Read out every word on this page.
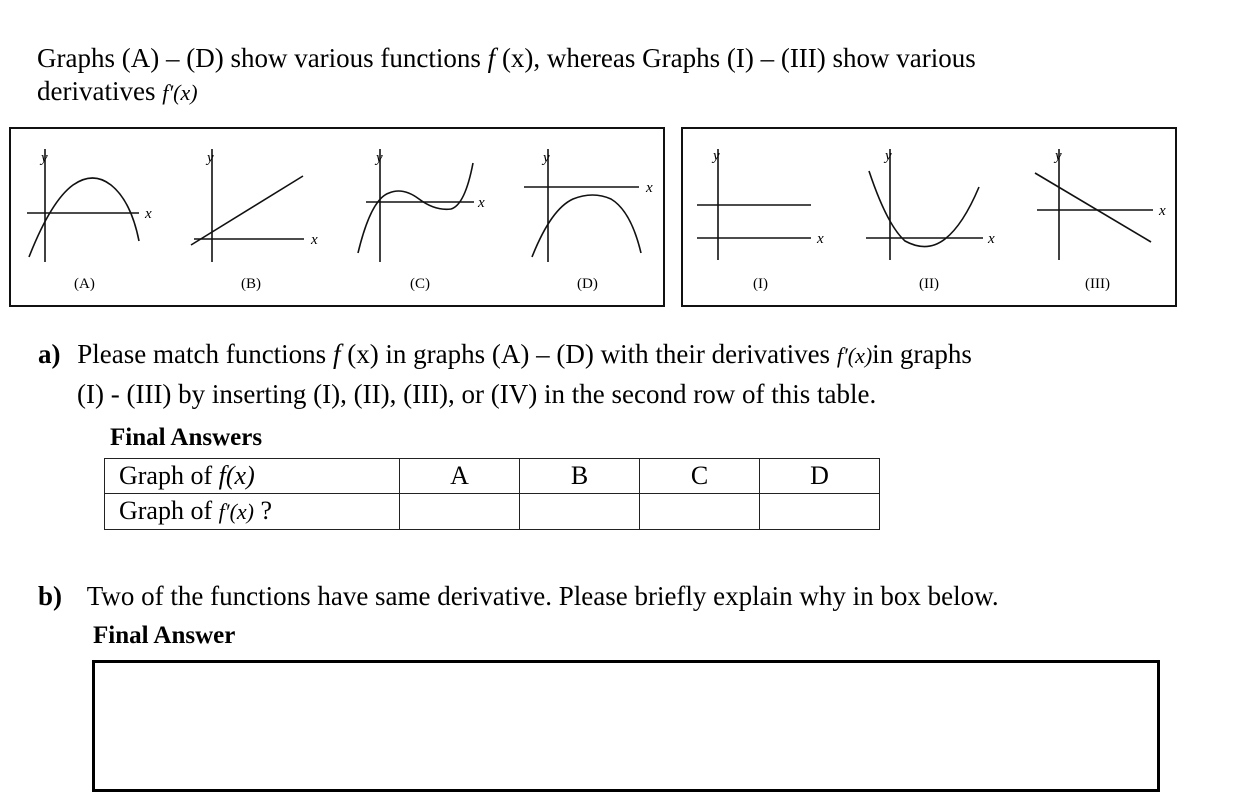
Graphs (A) – (D) show various functions f (x), whereas Graphs (I) – (III) show various
derivatives f′(x)
y
x
y
x
y
x
y
x
(A)	(B)	(C)	(D)
y
x
y
x
y
x
(I)	(II)	(III)
a) Please match functions f (x) in graphs (A) – (D) with their derivatives f′(x)in graphs
(I) - (III) by inserting (I), (II), (III), or (IV) in the second row of this table.
Final Answers
Graph of f(x)	A	B	C	D
Graph of f′(x) ?				
b) Two of the functions have same derivative. Please briefly explain why in box below.
Final Answer
